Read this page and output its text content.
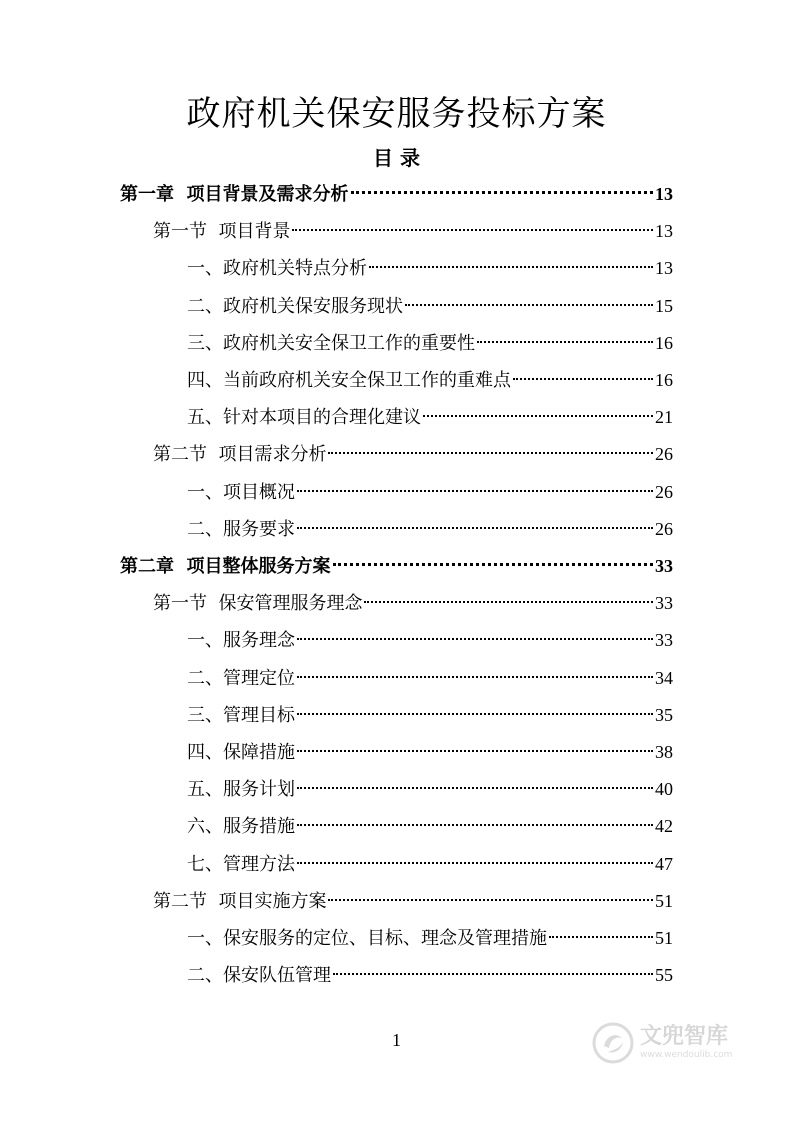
政府机关保安服务投标方案
目 录
第一章  项目背景及需求分析	13
第一节  项目背景	13
一、政府机关特点分析	13
二、政府机关保安服务现状	15
三、政府机关安全保卫工作的重要性	16
四、当前政府机关安全保卫工作的重难点	16
五、针对本项目的合理化建议	21
第二节  项目需求分析	26
一、项目概况	26
二、服务要求	26
第二章  项目整体服务方案	33
第一节  保安管理服务理念	33
一、服务理念	33
二、管理定位	34
三、管理目标	35
四、保障措施	38
五、服务计划	40
六、服务措施	42
七、管理方法	47
第二节  项目实施方案	51
一、保安服务的定位、目标、理念及管理措施	51
二、保安队伍管理	55
1	文兜智库
www.wendoulib.com
